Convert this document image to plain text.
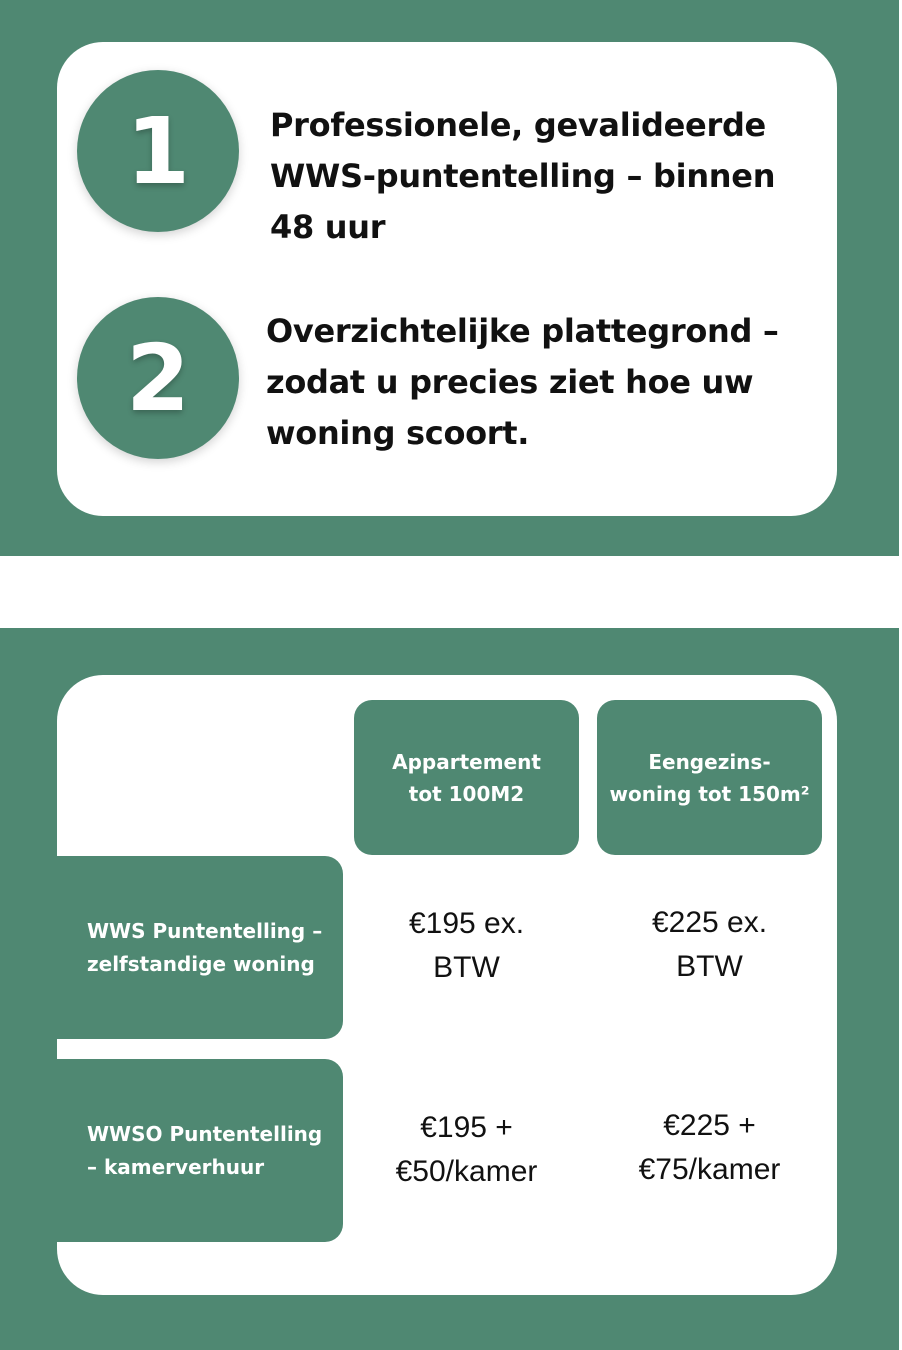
1	Professionele, gevalideerde
WWS-puntentelling – binnen
48 uur
2	Overzichtelijke plattegrond –
zodat u precies ziet hoe uw
woning scoort.
Appartement
tot 100M2
Eengezins-
woning tot 150m²
WWS Puntentelling –
zelfstandige woning
WWSO Puntentelling
– kamerverhuur
€195 ex.
BTW
€225 ex.
BTW
€195 +
€50/kamer
€225 +
€75/kamer
